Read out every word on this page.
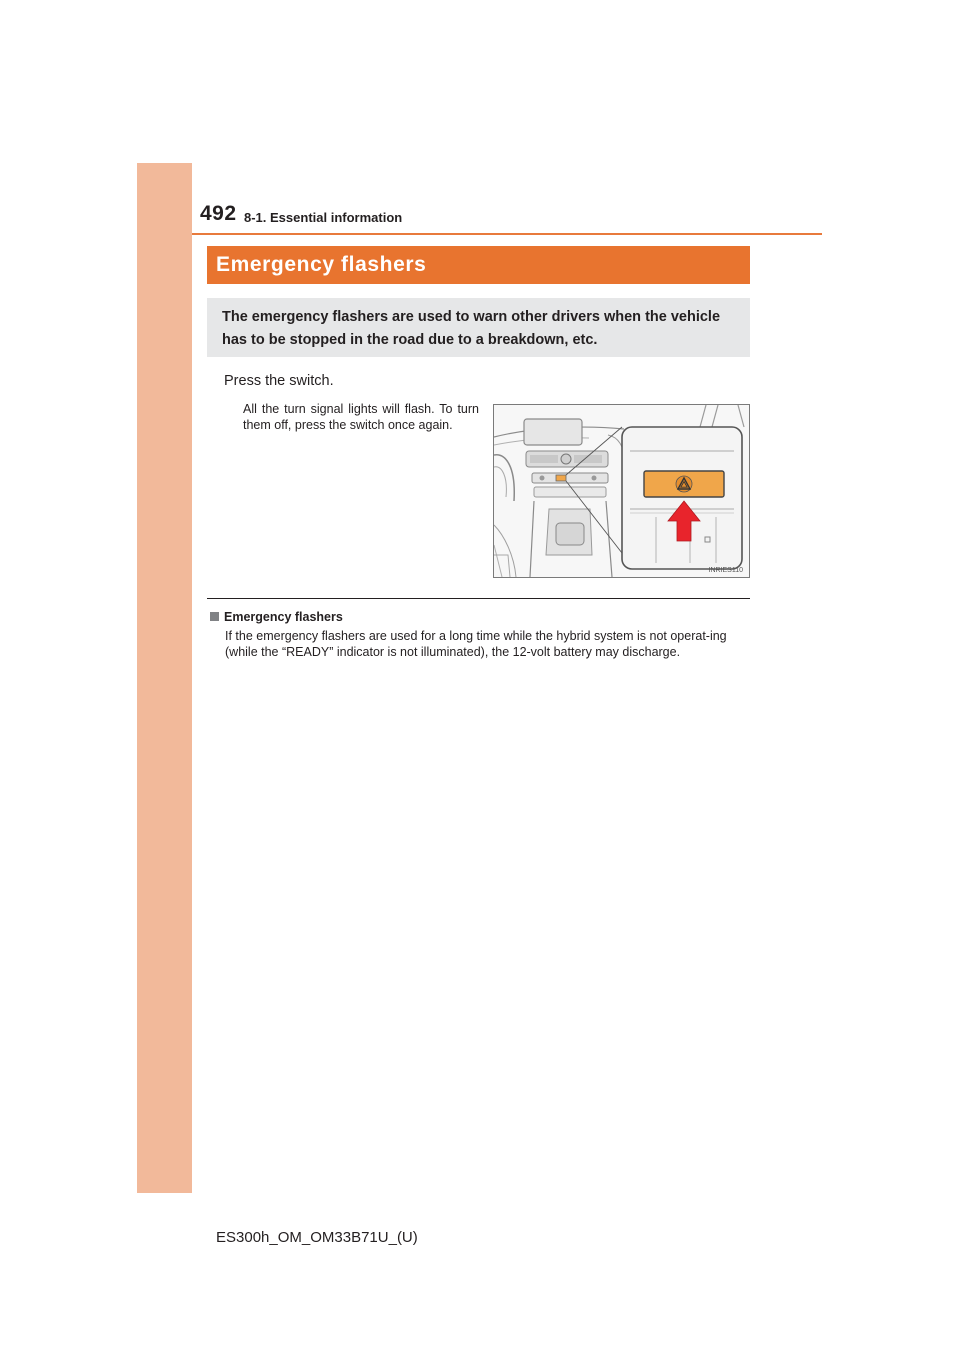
492 8-1. Essential information
Emergency flashers
The emergency flashers are used to warn other drivers when the vehicle has to be stopped in the road due to a breakdown, etc.
Press the switch.
All the turn signal lights will flash. To turn them off, press the switch once again.
INRIES110
Emergency flashers
If the emergency flashers are used for a long time while the hybrid system is not operat-ing (while the “READY” indicator is not illuminated), the 12-volt battery may discharge.
ES300h_OM_OM33B71U_(U)
